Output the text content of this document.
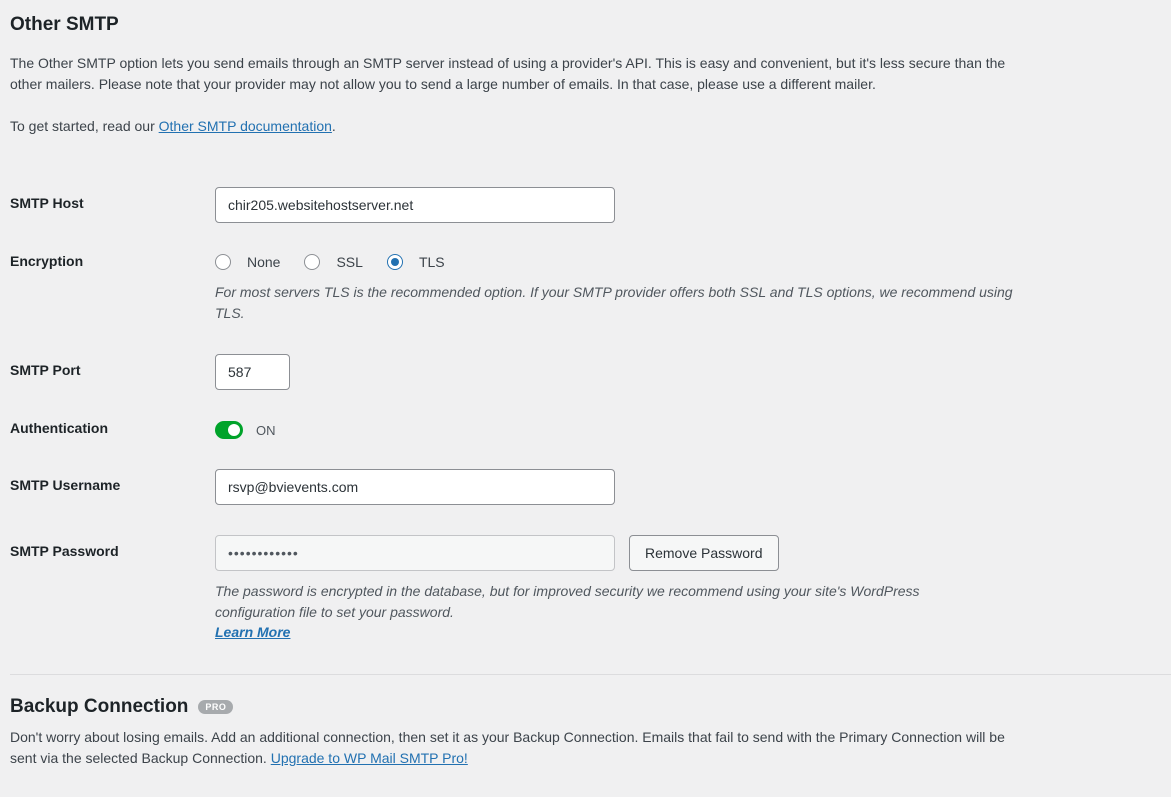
Other SMTP

The Other SMTP option lets you send emails through an SMTP server instead of using a provider's API. This is easy and convenient, but it's less secure than the other mailers. Please note that your provider may not allow you to send a large number of emails. In that case, please use a different mailer.

To get started, read our Other SMTP documentation.

SMTP Host	chir205.websitehostserver.net
Encryption	None	SSL	TLS

For most servers TLS is the recommended option. If your SMTP provider offers both SSL and TLS options, we recommend using TLS.

SMTP Port	587
Authentication	ON
SMTP Username	rsvp@bvievents.com
SMTP Password	••••••••••••	Remove Password

The password is encrypted in the database, but for improved security we recommend using your site's WordPress configuration file to set your password.

Learn More
Backup Connection	PRO

Don't worry about losing emails. Add an additional connection, then set it as your Backup Connection. Emails that fail to send with the Primary Connection will be sent via the selected Backup Connection. Upgrade to WP Mail SMTP Pro!
